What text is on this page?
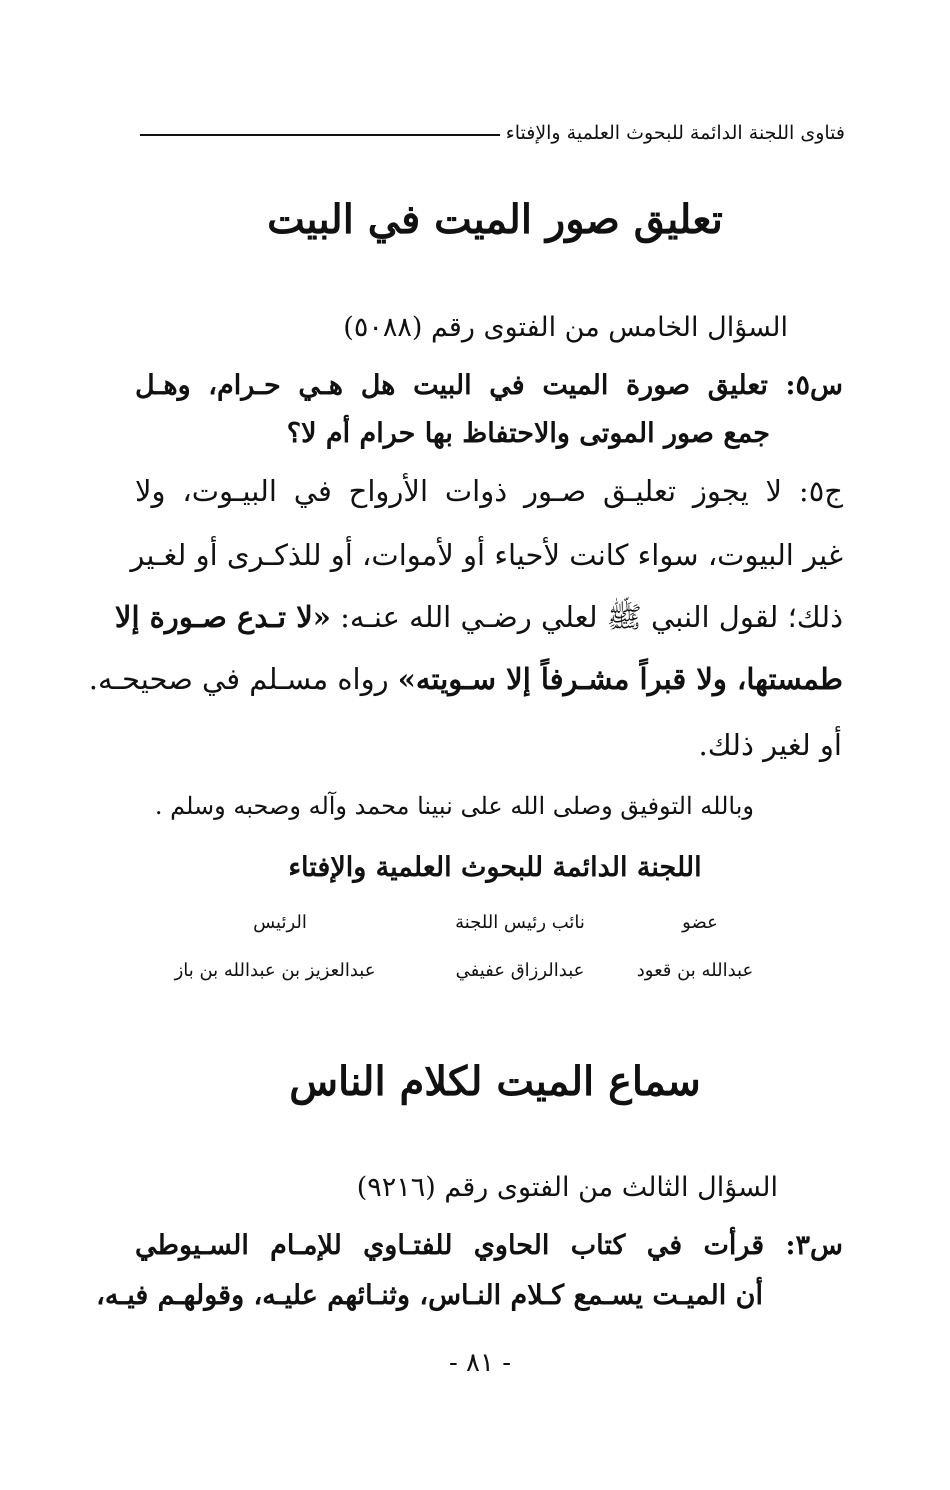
فتاوى اللجنة الدائمة للبحوث العلمية والإفتاء
تعليق صور الميت في البيت

السؤال الخامس من الفتوى رقم (٥٠٨٨)

س٥: تعليق صورة الميت في البيت هل هـي حـرام، وهـل

جمع صور الموتى والاحتفاظ بها حرام أم لا؟

ج٥: لا يجوز تعليـق صـور ذوات الأرواح في البيـوت، ولا

غير البيوت، سواء كانت لأحياء أو لأموات، أو للذكـرى أو لغـير

ذلك؛ لقول النبي ﷺ لعلي رضـي الله عنـه: «لا تـدع صـورة إلا

طمستها، ولا قبراً مشـرفاً إلا سـويته» رواه مسـلم في صحيحـه.

أو لغير ذلك.

وبالله التوفيق وصلى الله على نبينا محمد وآله وصحبه وسلم .

اللجنة الدائمة للبحوث العلمية والإفتاء

عضو
نائب رئيس اللجنة
الرئيس
عبدالله بن قعود
عبدالرزاق عفيفي
عبدالعزيز بن عبدالله بن باز
سماع الميت لكلام الناس

السؤال الثالث من الفتوى رقم (٩٢١٦)

س٣: قرأت في كتاب الحاوي للفتـاوي للإمـام السـيوطي

أن الميـت يسـمع كـلام النـاس، وثنـائهم عليـه، وقولهـم فيـه،

- ٨١ -
